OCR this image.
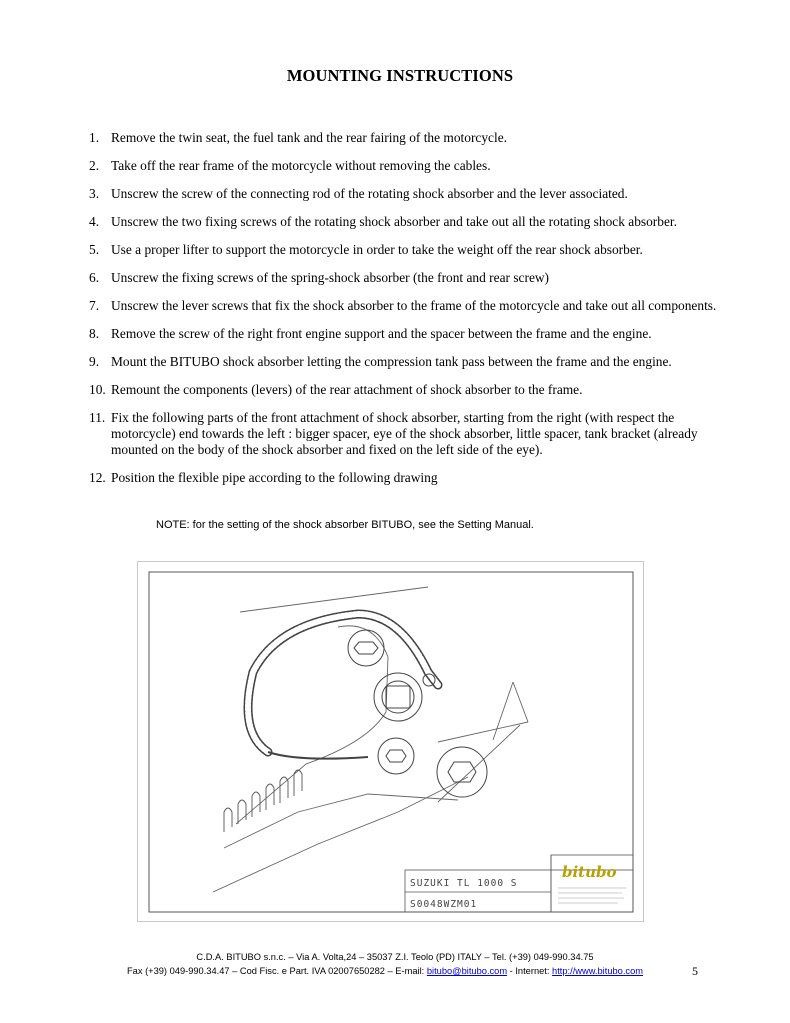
MOUNTING INSTRUCTIONS
1. Remove the twin seat, the fuel tank and the rear fairing of the motorcycle.
2. Take off the rear frame of the motorcycle without removing the cables.
3. Unscrew the screw of the connecting rod of the rotating shock absorber and the lever associated.
4. Unscrew the two fixing screws of the rotating shock absorber and take out all the rotating shock absorber.
5. Use a proper lifter to support the motorcycle in order to take the weight off the rear shock absorber.
6. Unscrew the fixing screws of the spring-shock absorber (the front and rear screw)
7. Unscrew the lever screws that fix the shock absorber to the frame of the motorcycle and take out all components.
8. Remove the screw of the right front engine support and the spacer between the frame and the engine.
9. Mount the BITUBO shock absorber letting the compression tank pass between the frame and the engine.
10. Remount the components (levers) of the rear attachment of shock absorber to the frame.
11. Fix the following parts of the front attachment of shock absorber, starting from the right (with respect the motorcycle) end towards the left : bigger spacer, eye of the shock absorber, little spacer, tank bracket (already mounted on the body of the shock absorber and fixed on the left side of the eye).
12. Position the flexible pipe according to the following drawing
NOTE: for the setting of the shock absorber BITUBO, see the Setting Manual.
SUZUKI TL 1000 S
S0048WZM01
bitubo
C.D.A. BITUBO s.n.c. – Via A. Volta,24 – 35037 Z.I. Teolo (PD) ITALY – Tel. (+39) 049-990.34.75
Fax (+39) 049-990.34.47 – Cod Fisc. e Part. IVA 02007650282 – E-mail: bitubo@bitubo.com - Internet: http://www.bitubo.com	5
